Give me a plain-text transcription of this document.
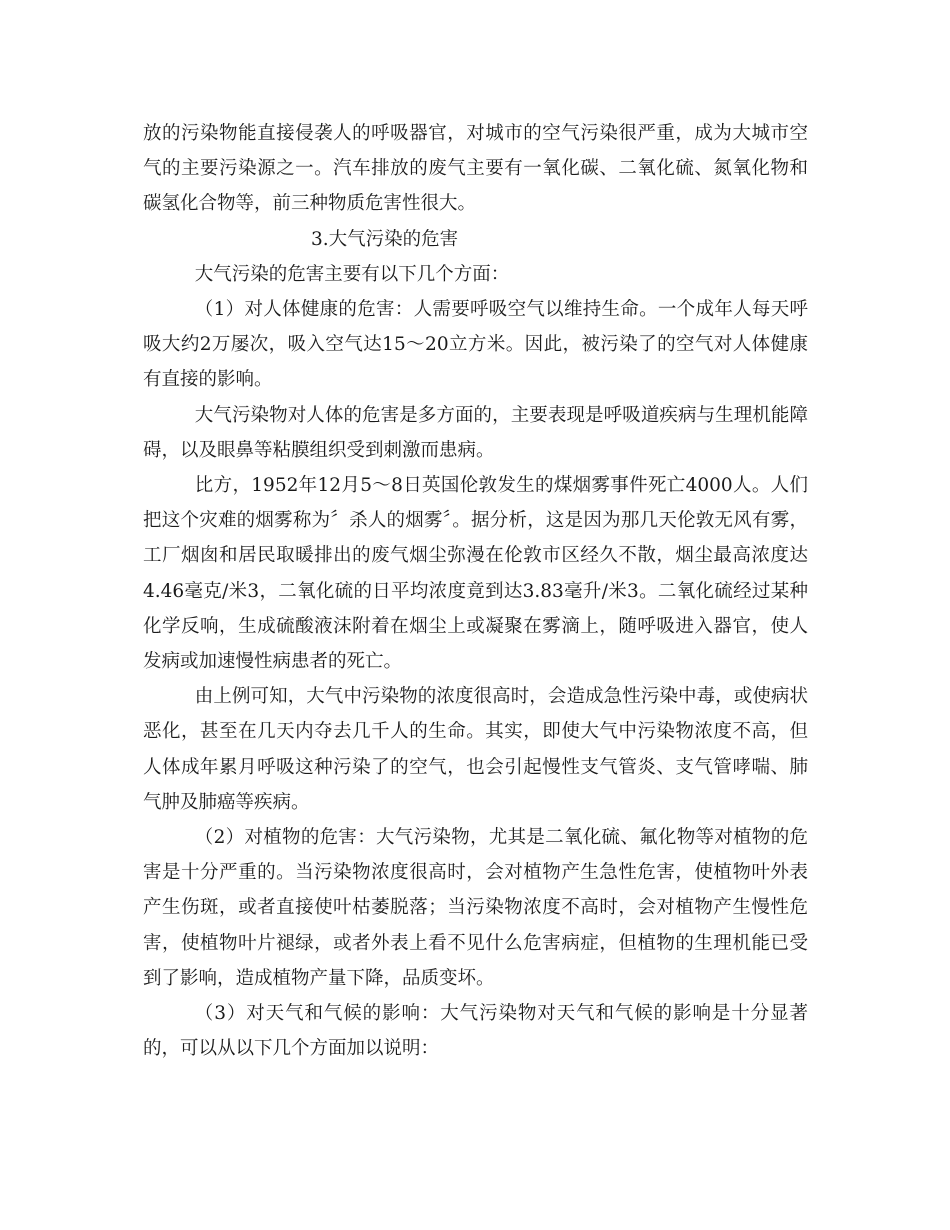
放的污染物能直接侵袭人的呼吸器官，对城市的空气污染很严重，成为大城市空气的主要污染源之一。汽车排放的废气主要有一氧化碳、二氧化硫、氮氧化物和碳氢化合物等，前三种物质危害性很大。

3.大气污染的危害

大气污染的危害主要有以下几个方面：

（1）对人体健康的危害：人需要呼吸空气以维持生命。一个成年人每天呼吸大约2万屡次，吸入空气达15～20立方米。因此，被污染了的空气对人体健康有直接的影响。

大气污染物对人体的危害是多方面的，主要表现是呼吸道疾病与生理机能障碍，以及眼鼻等粘膜组织受到刺激而患病。

比方，1952年12月5～8日英国伦敦发生的煤烟雾事件死亡4000人。人们把这个灾难的烟雾称为〞杀人的烟雾〞。据分析，这是因为那几天伦敦无风有雾，工厂烟囱和居民取暖排出的废气烟尘弥漫在伦敦市区经久不散，烟尘最高浓度达4.46毫克/米3，二氧化硫的日平均浓度竟到达3.83毫升/米3。二氧化硫经过某种化学反响，生成硫酸液沫附着在烟尘上或凝聚在雾滴上，随呼吸进入器官，使人发病或加速慢性病患者的死亡。

由上例可知，大气中污染物的浓度很高时，会造成急性污染中毒，或使病状恶化，甚至在几天内夺去几千人的生命。其实，即使大气中污染物浓度不高，但人体成年累月呼吸这种污染了的空气，也会引起慢性支气管炎、支气管哮喘、肺气肿及肺癌等疾病。

（2）对植物的危害：大气污染物，尤其是二氧化硫、氟化物等对植物的危害是十分严重的。当污染物浓度很高时，会对植物产生急性危害，使植物叶外表产生伤斑，或者直接使叶枯萎脱落；当污染物浓度不高时，会对植物产生慢性危害，使植物叶片褪绿，或者外表上看不见什么危害病症，但植物的生理机能已受到了影响，造成植物产量下降，品质变坏。

（3）对天气和气候的影响：大气污染物对天气和气候的影响是十分显著的，可以从以下几个方面加以说明：
